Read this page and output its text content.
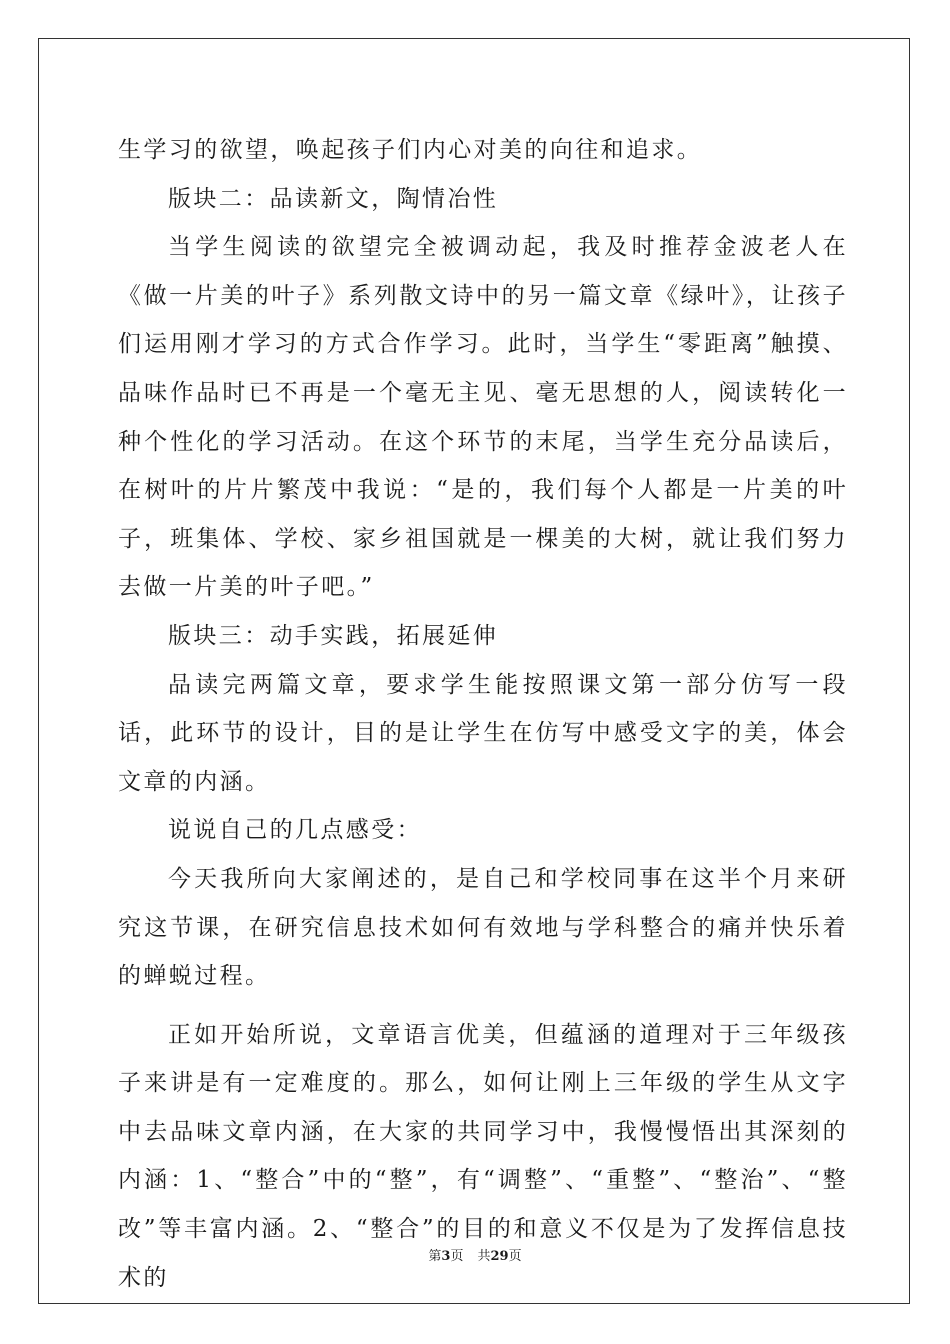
生学习的欲望，唤起孩子们内心对美的向往和追求。

版块二：品读新文，陶情冶性

当学生阅读的欲望完全被调动起，我及时推荐金波老人在《做一片美的叶子》系列散文诗中的另一篇文章《绿叶》，让孩子们运用刚才学习的方式合作学习。此时，当学生“零距离”触摸、品味作品时已不再是一个毫无主见、毫无思想的人，阅读转化一种个性化的学习活动。在这个环节的末尾，当学生充分品读后，在树叶的片片繁茂中我说：“是的，我们每个人都是一片美的叶子，班集体、学校、家乡祖国就是一棵美的大树，就让我们努力去做一片美的叶子吧。”

版块三：动手实践，拓展延伸

品读完两篇文章，要求学生能按照课文第一部分仿写一段话，此环节的设计，目的是让学生在仿写中感受文字的美，体会文章的内涵。

说说自己的几点感受：

今天我所向大家阐述的，是自己和学校同事在这半个月来研究这节课，在研究信息技术如何有效地与学科整合的痛并快乐着的蝉蜕过程。

正如开始所说，文章语言优美，但蕴涵的道理对于三年级孩子来讲是有一定难度的。那么，如何让刚上三年级的学生从文字中去品味文章内涵，在大家的共同学习中，我慢慢悟出其深刻的内涵：1、“整合”中的“整”，有“调整”、“重整”、“整治”、“整改”等丰富内涵。2、“整合”的目的和意义不仅是为了发挥信息技术的

第3页 共29页
